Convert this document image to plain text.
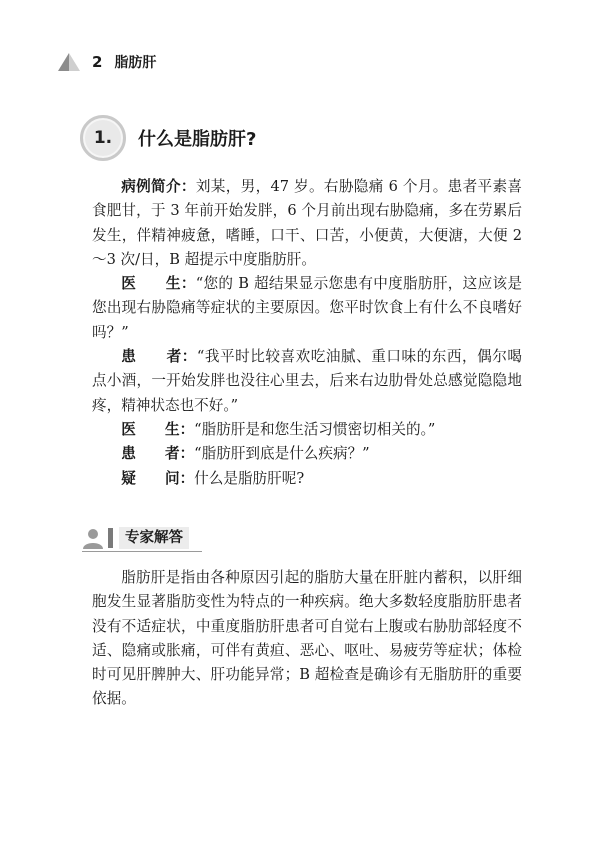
2 脂肪肝
1.	什么是脂肪肝?

病例简介：刘某，男，47 岁。右胁隐痛 6 个月。患者平素喜食肥甘，于 3 年前开始发胖，6 个月前出现右胁隐痛，多在劳累后发生，伴精神疲惫，嗜睡，口干、口苦，小便黄，大便溏，大便 2～3 次/日，B 超提示中度脂肪肝。

医　　生：“您的 B 超结果显示您患有中度脂肪肝，这应该是您出现右胁隐痛等症状的主要原因。您平时饮食上有什么不良嗜好吗？”

患　　者：“我平时比较喜欢吃油腻、重口味的东西，偶尔喝点小酒，一开始发胖也没往心里去，后来右边肋骨处总感觉隐隐地疼，精神状态也不好。”

医　　生：“脂肪肝是和您生活习惯密切相关的。”

患　　者：“脂肪肝到底是什么疾病？”

疑　　问：什么是脂肪肝呢?

专家解答

脂肪肝是指由各种原因引起的脂肪大量在肝脏内蓄积，以肝细胞发生显著脂肪变性为特点的一种疾病。绝大多数轻度脂肪肝患者没有不适症状，中重度脂肪肝患者可自觉右上腹或右胁肋部轻度不适、隐痛或胀痛，可伴有黄疸、恶心、呕吐、易疲劳等症状；体检时可见肝脾肿大、肝功能异常；B 超检查是确诊有无脂肪肝的重要依据。
